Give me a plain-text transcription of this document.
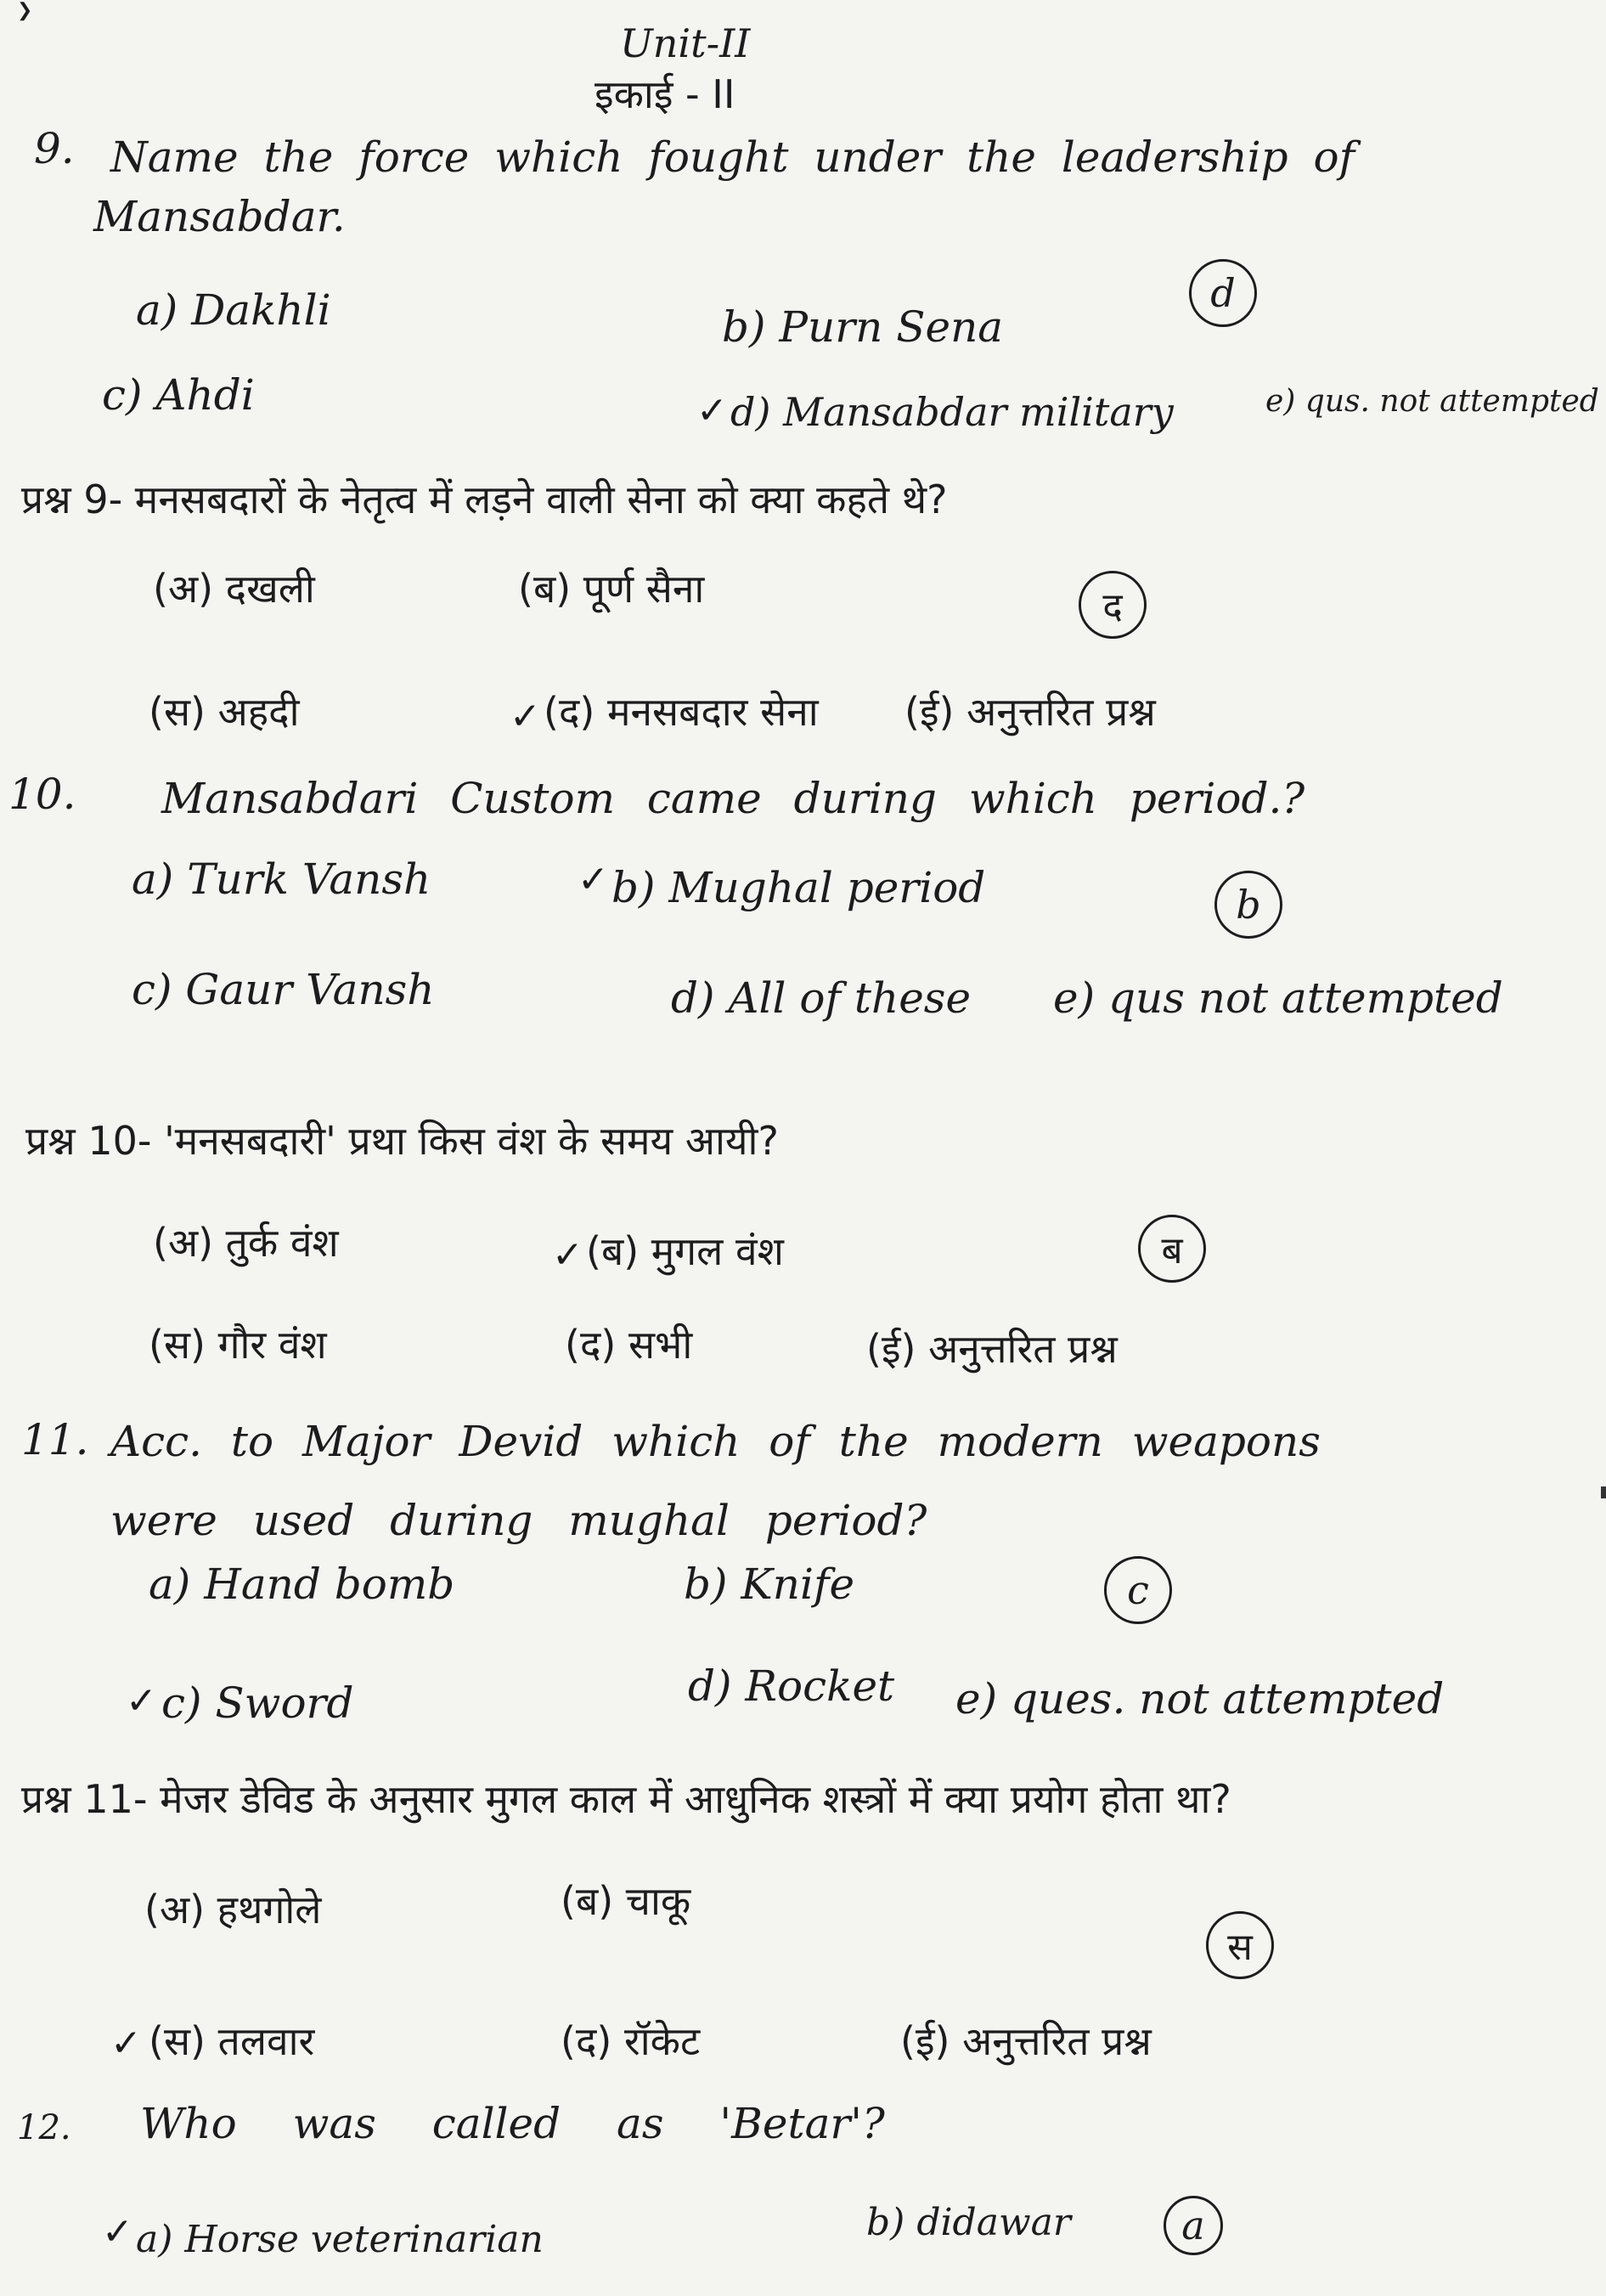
❯
Unit-II
इकाई - II
9. Name the force which fought under the leadership of
Mansabdar.
a) Dakhli	b) Purn Sena
d
c) Ahdi	✓ d) Mansabdar military	e) qus. not attempted
प्रश्न 9- मनसबदारों के नेतृत्व में लड़ने वाली सेना को क्या कहते थे?
(अ) दखली	(ब) पूर्ण सैना	द
(स) अहदी	✓ (द) मनसबदार सेना (ई) अनुत्तरित प्रश्न
10. Mansabdari Custom came during which period.?
a) Turk Vansh	✓ b) Mughal period	b
c) Gaur Vansh	d) All of these e) qus not attempted
प्रश्न 10- 'मनसबदारी' प्रथा किस वंश के समय आयी?
(अ) तुर्क वंश	✓ (ब) मुगल वंश	ब
(स) गौर वंश	(द) सभी	(ई) अनुत्तरित प्रश्न
11. Acc. to Major Devid which of the modern weapons
were used during mughal period?
a) Hand bomb	b) Knife	c
✓ c) Sword	d) Rocket e) ques. not attempted
प्रश्न 11- मेजर डेविड के अनुसार मुगल काल में आधुनिक शस्त्रों में क्या प्रयोग होता था?
(अ) हथगोले	(ब) चाकू
स
✓ (स) तलवार	(द) रॉकेट	(ई) अनुत्तरित प्रश्न
12. Who was called as 'Betar'?
✓ a) Horse veterinarian	b) didawar	a
